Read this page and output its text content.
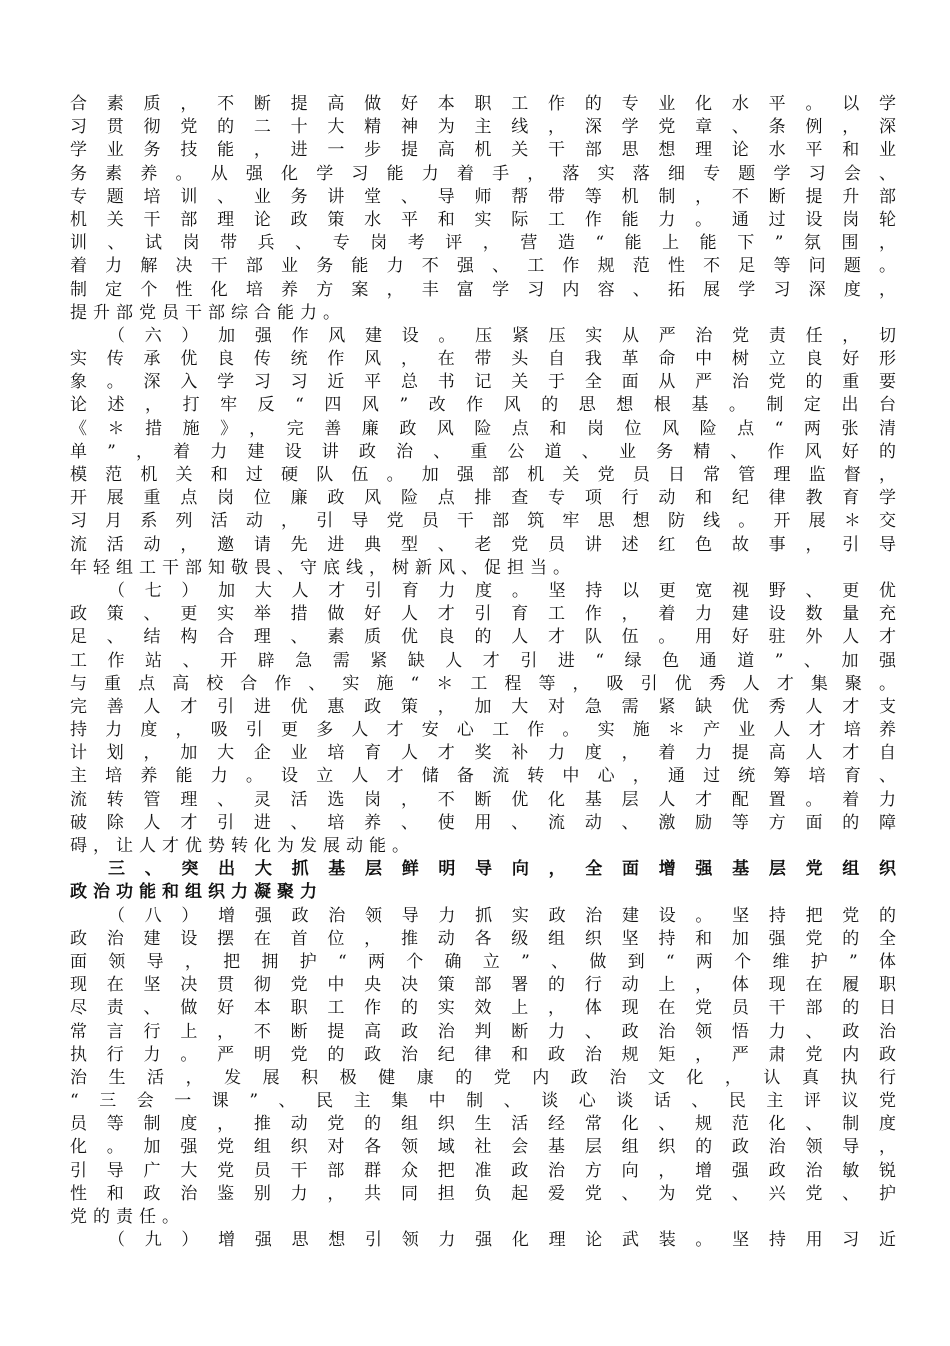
合素质，不断提高做好本职工作的专业化水平。以学
习贯彻党的二十大精神为主线，深学党章、条例，深
学业务技能，进一步提高机关干部思想理论水平和业
务素养。从强化学习能力着手，落实落细专题学习会、
专题培训、业务讲堂、导师帮带等机制，不断提升部
机关干部理论政策水平和实际工作能力。通过设岗轮
训、试岗带兵、专岗考评，营造“能上能下”氛围，
着力解决干部业务能力不强、工作规范性不足等问题。
制定个性化培养方案，丰富学习内容、拓展学习深度，
提升部党员干部综合能力。
（六）加强作风建设。压紧压实从严治党责任，切
实传承优良传统作风，在带头自我革命中树立良好形
象。深入学习习近平总书记关于全面从严治党的重要
论述，打牢反“四风”改作风的思想根基。制定出台
《＊措施》，完善廉政风险点和岗位风险点“两张清
单”，着力建设讲政治、重公道、业务精、作风好的
模范机关和过硬队伍。加强部机关党员日常管理监督，
开展重点岗位廉政风险点排查专项行动和纪律教育学
习月系列活动，引导党员干部筑牢思想防线。开展＊交
流活动，邀请先进典型、老党员讲述红色故事，引导
年轻组工干部知敬畏、守底线，树新风、促担当。
（七）加大人才引育力度。坚持以更宽视野、更优
政策、更实举措做好人才引育工作，着力建设数量充
足、结构合理、素质优良的人才队伍。用好驻外人才
工作站、开辟急需紧缺人才引进“绿色通道”、加强
与重点高校合作、实施“＊工程等，吸引优秀人才集聚。
完善人才引进优惠政策，加大对急需紧缺优秀人才支
持力度，吸引更多人才安心工作。实施＊产业人才培养
计划，加大企业培育人才奖补力度，着力提高人才自
主培养能力。设立人才储备流转中心，通过统筹培育、
流转管理、灵活选岗，不断优化基层人才配置。着力
破除人才引进、培养、使用、流动、激励等方面的障
碍，让人才优势转化为发展动能。
三、突出大抓基层鲜明导向，全面增强基层党组织
政治功能和组织力凝聚力
（八）增强政治领导力抓实政治建设。坚持把党的
政治建设摆在首位，推动各级组织坚持和加强党的全
面领导，把拥护“两个确立”、做到“两个维护”体
现在坚决贯彻党中央决策部署的行动上，体现在履职
尽责、做好本职工作的实效上，体现在党员干部的日
常言行上，不断提高政治判断力、政治领悟力、政治
执行力。严明党的政治纪律和政治规矩，严肃党内政
治生活，发展积极健康的党内政治文化，认真执行
“三会一课”、民主集中制、谈心谈话、民主评议党
员等制度，推动党的组织生活经常化、规范化、制度
化。加强党组织对各领域社会基层组织的政治领导，
引导广大党员干部群众把准政治方向，增强政治敏锐
性和政治鉴别力，共同担负起爱党、为党、兴党、护
党的责任。
（九）增强思想引领力强化理论武装。坚持用习近
